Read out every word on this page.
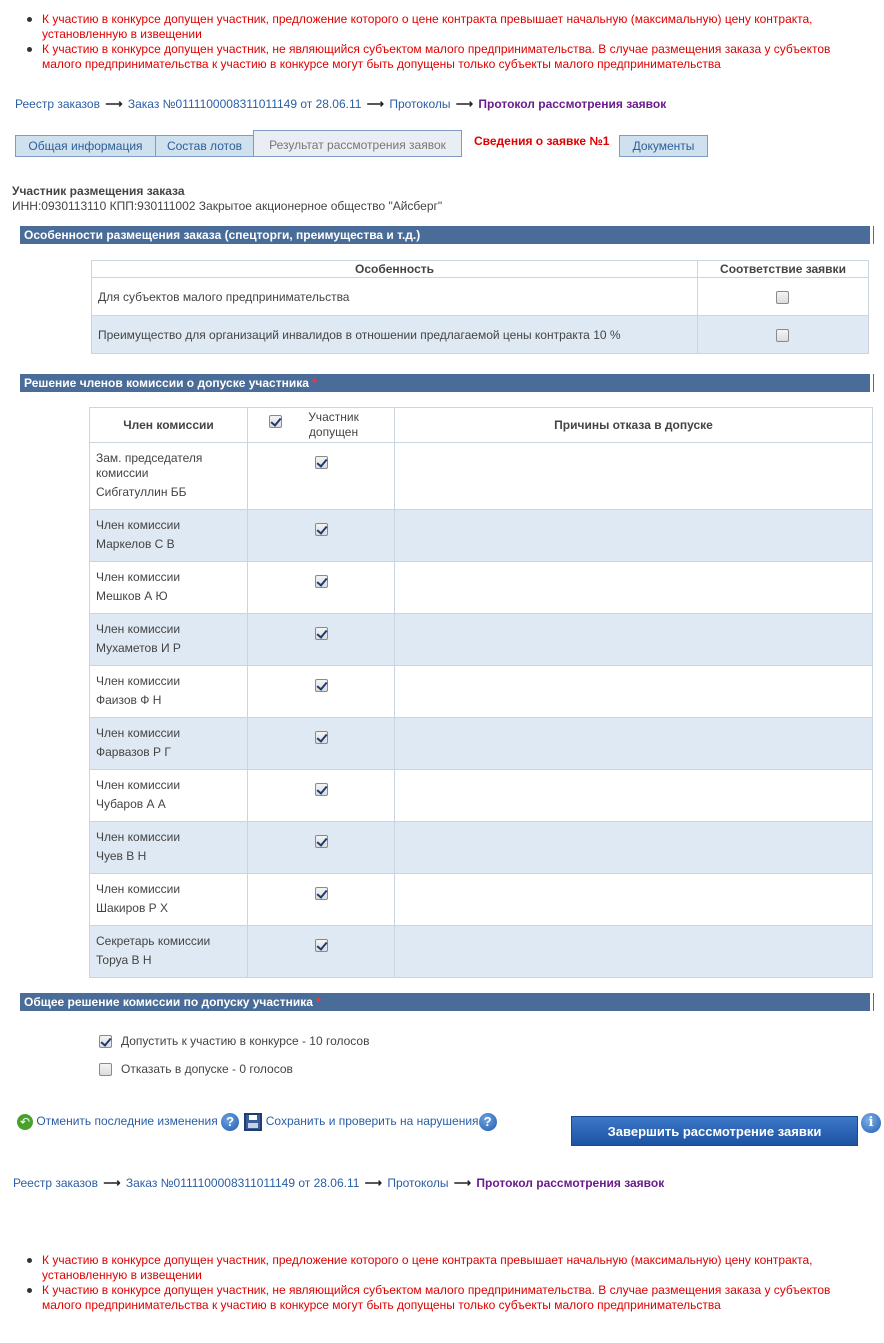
К участию в конкурсе допущен участник, предложение которого о цене контракта превышает начальную (максимальную) цену контракта, установленную в извещении
К участию в конкурсе допущен участник, не являющийся субъектом малого предпринимательства. В случае размещения заказа у субъектов малого предпринимательства к участию в конкурсе могут быть допущены только субъекты малого предпринимательства
Реестр заказов ⟶ Заказ №0111100008311011149 от 28.06.11 ⟶ Протоколы ⟶ Протокол рассмотрения заявок
Общая информация	Состав лотов	Результат рассмотрения заявок	Документы
Сведения о заявке №1
Участник размещения заказа
ИНН:0930113110 КПП:930111002 Закрытое акционерное общество "Айсберг"
Особенности размещения заказа (спецторги, преимущества и т.д.)
Особенность	Соответствие заявки
Для субъектов малого предпринимательства	
Преимущество для организаций инвалидов в отношении предлагаемой цены контракта 10 %	
Решение членов комиссии о допуске участника *
Член комиссии	Участник допущен	Причины отказа в допуске

Зам. председателя комиссии
Сибгатуллин ББ		

Член комиссии
Маркелов С В		

Член комиссии
Мешков А Ю		

Член комиссии
Мухаметов И Р		

Член комиссии
Фаизов Ф Н		

Член комиссии
Фарвазов Р Г		

Член комиссии
Чубаров А А		

Член комиссии
Чуев В Н		

Член комиссии
Шакиров Р Х		

Секретарь комиссии
Торуа В Н		

Общее решение комиссии по допуску участника *
Допустить к участию в конкурсе - 10 голосов
Отказать в допуске - 0 голосов
↶ Отменить последние изменения ?	Сохранить и проверить на нарушения ?
Завершить рассмотрение заявки
i
Реестр заказов ⟶ Заказ №0111100008311011149 от 28.06.11 ⟶ Протоколы ⟶ Протокол рассмотрения заявок
К участию в конкурсе допущен участник, предложение которого о цене контракта превышает начальную (максимальную) цену контракта, установленную в извещении
К участию в конкурсе допущен участник, не являющийся субъектом малого предпринимательства. В случае размещения заказа у субъектов малого предпринимательства к участию в конкурсе могут быть допущены только субъекты малого предпринимательства
